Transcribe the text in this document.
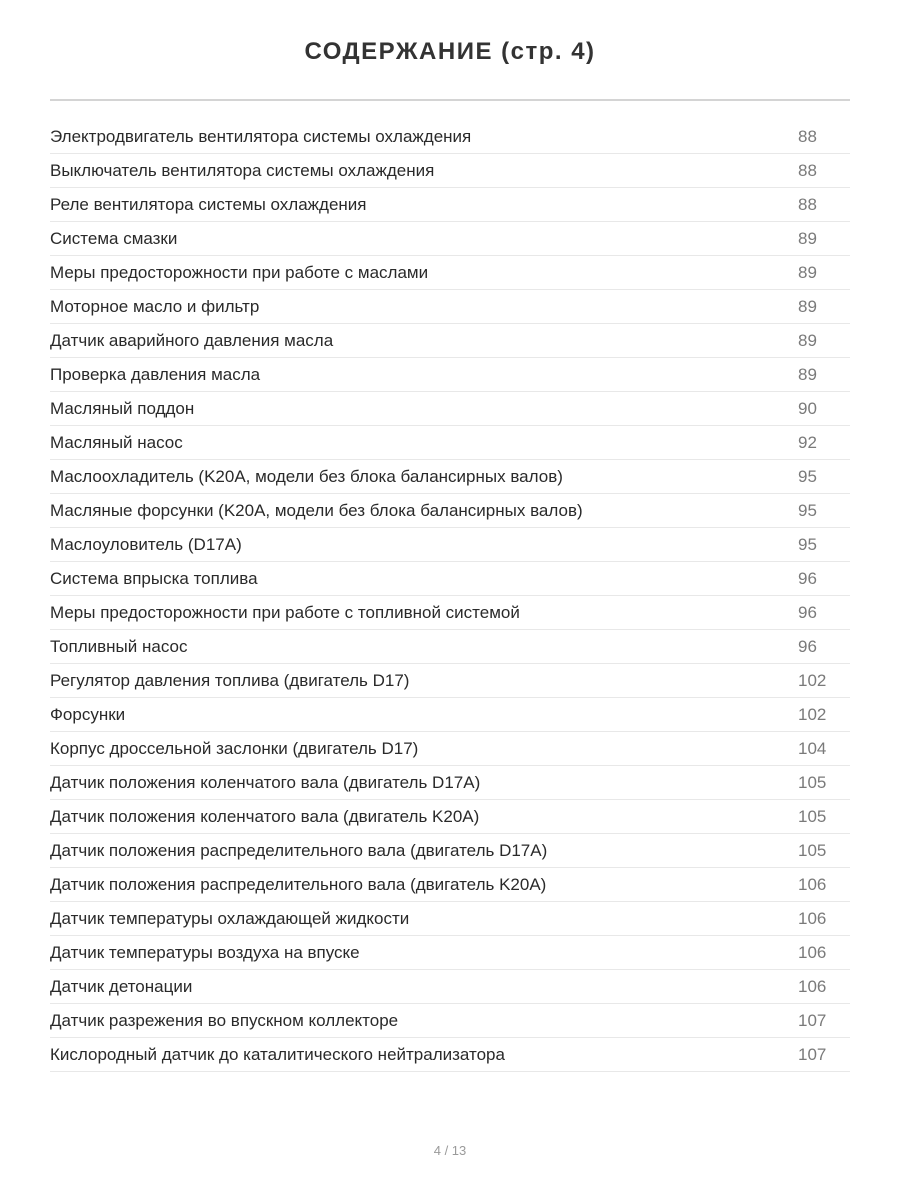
СОДЕРЖАНИЕ (стр. 4)
Электродвигатель вентилятора системы охлаждения	88
Выключатель вентилятора системы охлаждения	88
Реле вентилятора системы охлаждения	88
Система смазки	89
Меры предосторожности при работе с маслами	89
Моторное масло и фильтр	89
Датчик аварийного давления масла	89
Проверка давления масла	89
Масляный поддон	90
Масляный насос	92
Маслоохладитель (K20A, модели без блока балансирных валов)	95
Масляные форсунки (K20A, модели без блока балансирных валов)	95
Маслоуловитель (D17A)	95
Система впрыска топлива	96
Меры предосторожности при работе с топливной системой	96
Топливный насос	96
Регулятор давления топлива (двигатель D17)	102
Форсунки	102
Корпус дроссельной заслонки (двигатель D17)	104
Датчик положения коленчатого вала (двигатель D17A)	105
Датчик положения коленчатого вала (двигатель K20A)	105
Датчик положения распределительного вала (двигатель D17A)	105
Датчик положения распределительного вала (двигатель K20A)	106
Датчик температуры охлаждающей жидкости	106
Датчик температуры воздуха на впуске	106
Датчик детонации	106
Датчик разрежения во впускном коллекторе	107
Кислородный датчик до каталитического нейтрализатора	107
4 / 13
